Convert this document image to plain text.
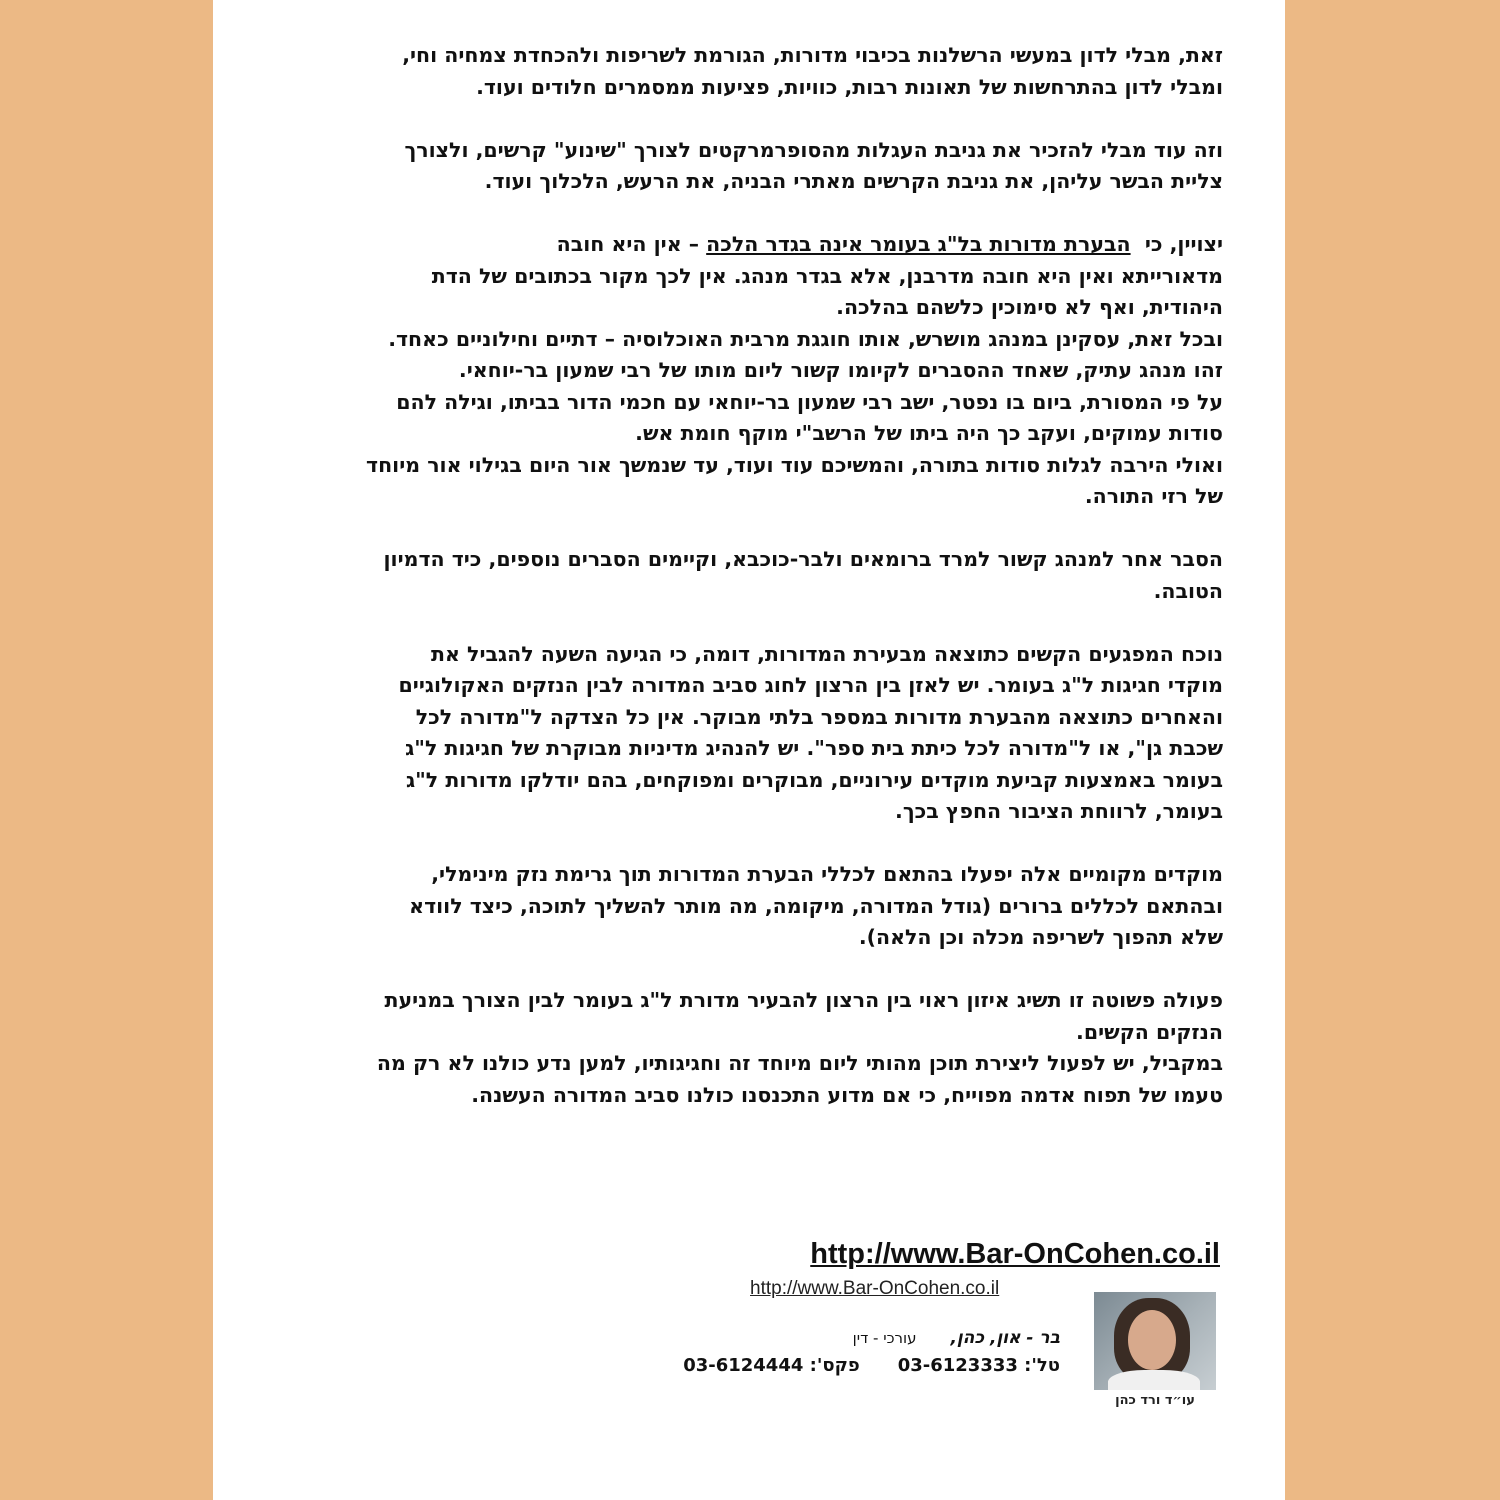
זאת, מבלי לדון במעשי הרשלנות בכיבוי מדורות, הגורמת לשריפות ולהכחדת צמחיה וחי,
ומבלי לדון בהתרחשות של תאונות רבות, כוויות, פציעות ממסמרים חלודים ועוד.

וזה עוד מבלי להזכיר את גניבת העגלות מהסופרמרקטים לצורך "שינוע" קרשים, ולצורך
צליית הבשר עליהן, את גניבת הקרשים מאתרי הבניה, את הרעש, הלכלוך ועוד.

יצויין, כי  הבערת מדורות בל"ג בעומר אינה בגדר הלכה – אין היא חובה
מדאורייתא ואין היא חובה מדרבנן, אלא בגדר מנהג. אין לכך מקור בכתובים של הדת
היהודית, ואף לא סימוכין כלשהם בהלכה.
ובכל זאת, עסקינן במנהג מושרש, אותו חוגגת מרבית האוכלוסיה – דתיים וחילוניים כאחד.
זהו מנהג עתיק, שאחד ההסברים לקיומו קשור ליום מותו של רבי שמעון בר-יוחאי.
על פי המסורת, ביום בו נפטר, ישב רבי שמעון בר-יוחאי עם חכמי הדור בביתו, וגילה להם
סודות עמוקים, ועקב כך היה ביתו של הרשב"י מוקף חומת אש.
ואולי הירבה לגלות סודות בתורה, והמשיכם עוד ועוד, עד שנמשך אור היום בגילוי אור מיוחד
של רזי התורה.

הסבר אחר למנהג קשור למרד ברומאים ולבר-כוכבא, וקיימים הסברים נוספים, כיד הדמיון
הטובה.

נוכח המפגעים הקשים כתוצאה מבעירת המדורות, דומה, כי הגיעה השעה להגביל את
מוקדי חגיגות ל"ג בעומר. יש לאזן בין הרצון לחוג סביב המדורה לבין הנזקים האקולוגיים
והאחרים כתוצאה מהבערת מדורות במספר בלתי מבוקר. אין כל הצדקה ל"מדורה לכל
שכבת גן", או ל"מדורה לכל כיתת בית ספר". יש להנהיג מדיניות מבוקרת של חגיגות ל"ג
בעומר באמצעות קביעת מוקדים עירוניים, מבוקרים ומפוקחים, בהם יודלקו מדורות ל"ג
בעומר, לרווחת הציבור החפץ בכך.

מוקדים מקומיים אלה יפעלו בהתאם לכללי הבערת המדורות תוך גרימת נזק מינימלי,
ובהתאם לכללים ברורים (גודל המדורה, מיקומה, מה מותר להשליך לתוכה, כיצד לוודא
שלא תהפוך לשריפה מכלה וכן הלאה).

פעולה פשוטה זו תשיג איזון ראוי בין הרצון להבעיר מדורת ל"ג בעומר לבין הצורך במניעת
הנזקים הקשים.
במקביל, יש לפעול ליצירת תוכן מהותי ליום מיוחד זה וחגיגותיו, למען נדע כולנו לא רק מה
טעמו של תפוח אדמה מפוייח, כי אם מדוע התכנסנו כולנו סביב המדורה העשנה.

http://www.Bar-OnCohen.co.il
http://www.Bar-OnCohen.co.il
עו״ד ורד כהן
בר - און, כהן,עורכי - דין
טל': 03-6123333פקס': 03-6124444
